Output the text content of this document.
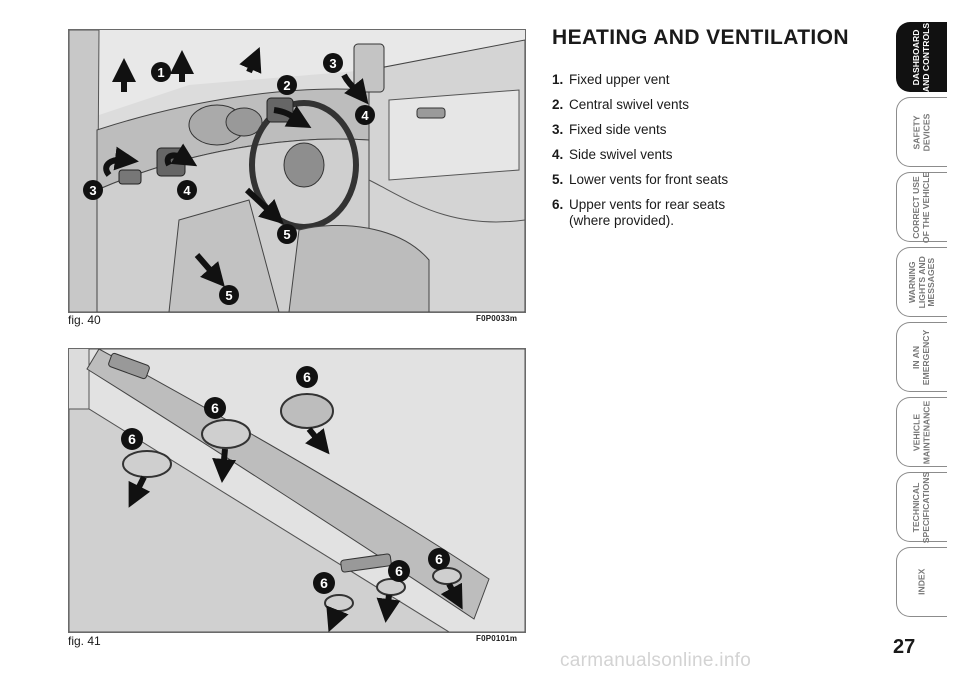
1
2
3
4
3	4
5
5
fig. 40	F0P0033m
6
6
6
6
6
6
fig. 41	F0P0101m
HEATING AND VENTILATION
1. Fixed upper vent
2. Central swivel vents
3. Fixed side vents
4. Side swivel vents
5. Lower vents for front seats
6. Upper vents for rear seats (where provided).
DASHBOARD
AND CONTROLS
SAFETY
DEVICES
CORRECT USE
OF THE VEHICLE
WARNING
LIGHTS AND
MESSAGES
IN AN
EMERGENCY
VEHICLE
MAINTENANCE
TECHNICAL
SPECIFICATIONS
INDEX
27
carmanualsonline.info
